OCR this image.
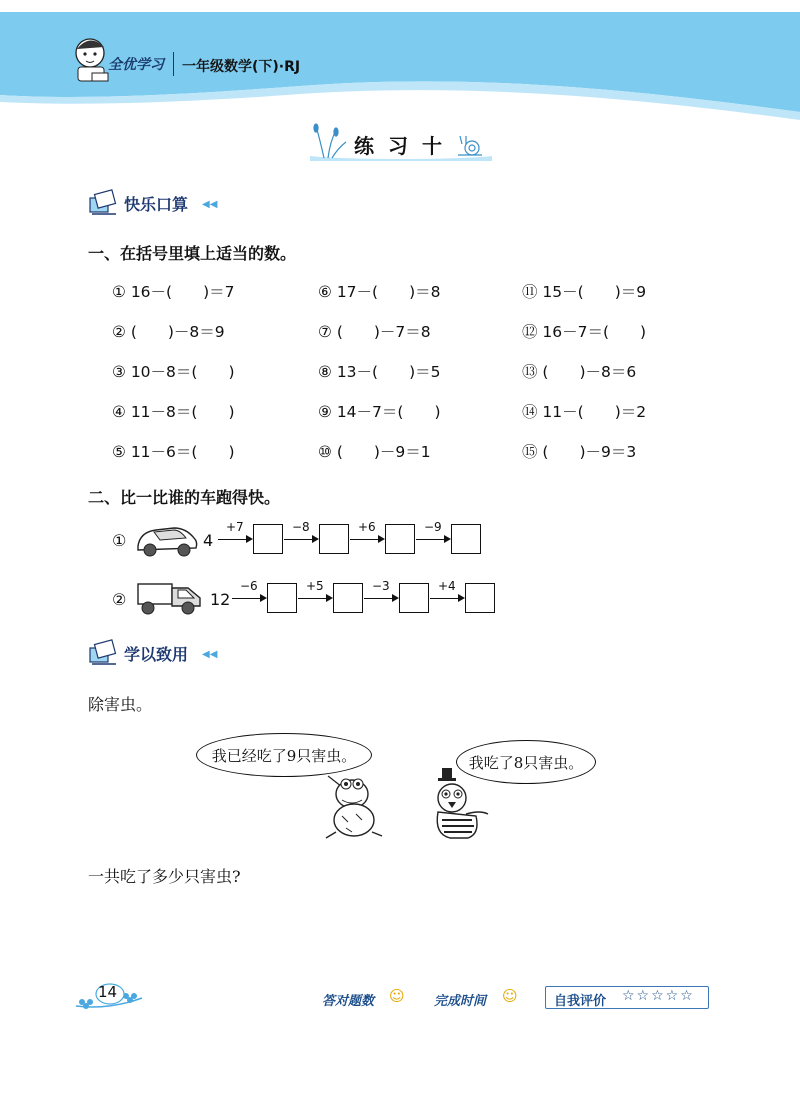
全优学习 一年级数学(下)·RJ
练习十
快乐口算 ◀◀
一、在括号里填上适当的数。
① 16－(　　)＝7	⑥ 17－(　　)＝8	⑪ 15－(　　)＝9
② (　　)－8＝9	⑦ (　　)－7＝8	⑫ 16－7＝(　　)
③ 10－8＝(　　)	⑧ 13－(　　)＝5	⑬ (　　)－8＝6
④ 11－8＝(　　)	⑨ 14－7＝(　　)	⑭ 11－(　　)＝2
⑤ 11－6＝(　　)	⑩ (　　)－9＝1	⑮ (　　)－9＝3
二、比一比谁的车跑得快。
①	4
+7	−8	+6	−9
②	12
−6	+5	−3	+4
学以致用 ◀◀
除害虫。
我已经吃了9只害虫。	我吃了8只害虫。
一共吃了多少只害虫?
14
答对题数 ☺ 完成时间 ☺	自我评价 ☆☆☆☆☆
